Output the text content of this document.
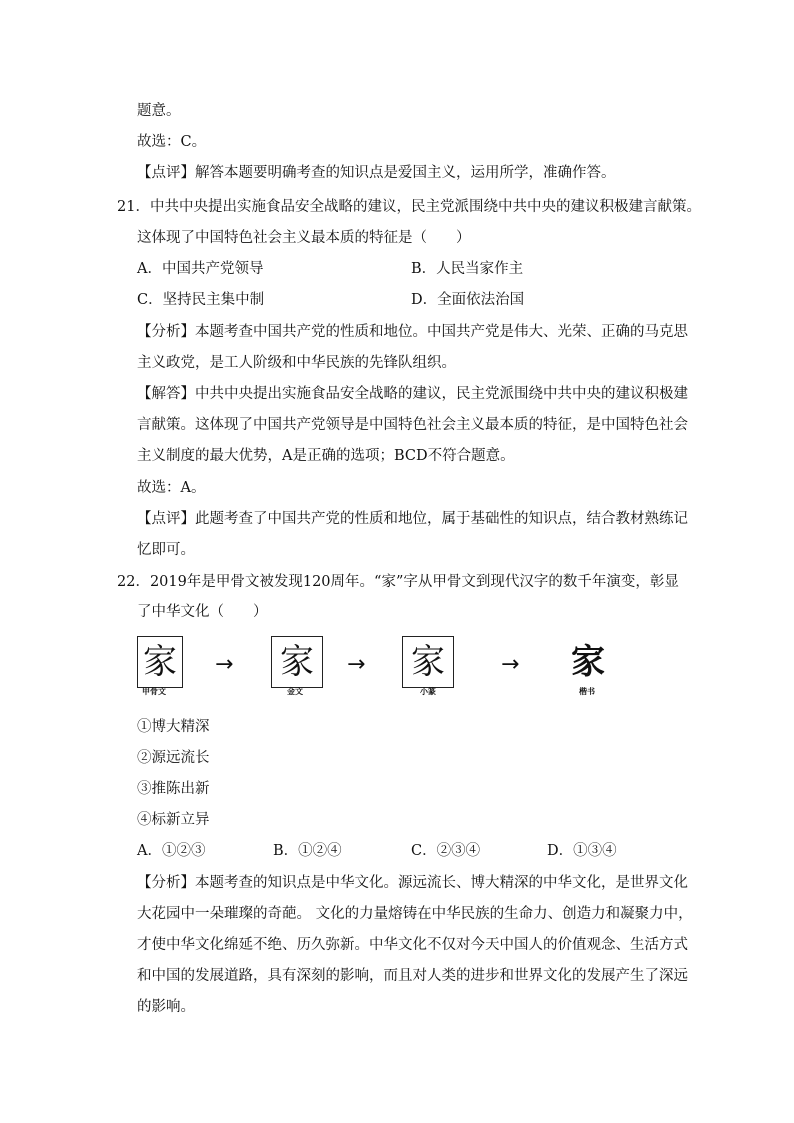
题意。
故选：C。
【点评】解答本题要明确考查的知识点是爱国主义，运用所学，准确作答。
21．中共中央提出实施食品安全战略的建议，民主党派围绕中共中央的建议积极建言献策。
这体现了中国特色社会主义最本质的特征是（　　）
A．中国共产党领导	B．人民当家作主
C．坚持民主集中制	D．全面依法治国
【分析】本题考查中国共产党的性质和地位。中国共产党是伟大、光荣、正确的马克思
主义政党，是工人阶级和中华民族的先锋队组织。
【解答】中共中央提出实施食品安全战略的建议，民主党派围绕中共中央的建议积极建
言献策。这体现了中国共产党领导是中国特色社会主义最本质的特征，是中国特色社会
主义制度的最大优势，A是正确的选项；BCD不符合题意。
故选：A。
【点评】此题考查了中国共产党的性质和地位，属于基础性的知识点，结合教材熟练记
忆即可。
22．2019年是甲骨文被发现120周年。“家”字从甲骨文到现代汉字的数千年演变，彰显
了中华文化（　　）
家
甲骨文
→ 家
金文
→ 家
小篆
→ 家
楷书
①博大精深
②源远流长
③推陈出新
④标新立异
A．①②③	B．①②④	C．②③④	D．①③④
【分析】本题考查的知识点是中华文化。源远流长、博大精深的中华文化，是世界文化
大花园中一朵璀璨的奇葩。 文化的力量熔铸在中华民族的生命力、创造力和凝聚力中，
才使中华文化绵延不绝、历久弥新。中华文化不仅对今天中国人的价值观念、生活方式
和中国的发展道路，具有深刻的影响，而且对人类的进步和世界文化的发展产生了深远
的影响。
